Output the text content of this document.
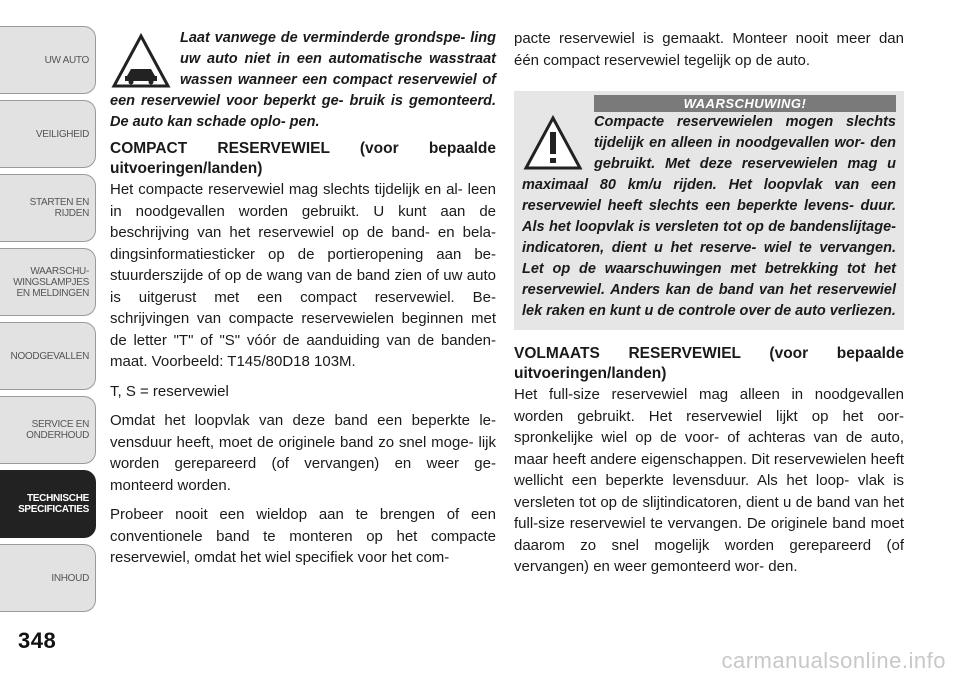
UW AUTO
VEILIGHEID
STARTEN EN RIJDEN
WAARSCHU-WINGSLAMPJES EN MELDINGEN
NOODGEVALLEN
SERVICE EN ONDERHOUD
TECHNISCHE SPECIFICATIES
INHOUD
348
Laat vanwege de verminderde grondspe- ling uw auto niet in een automatische wasstraat wassen wanneer een compact reservewiel of een reservewiel voor beperkt ge- bruik is gemonteerd. De auto kan schade oplo- pen.
COMPACT RESERVEWIEL (voor bepaalde uitvoeringen/landen)

Het compacte reservewiel mag slechts tijdelijk en al- leen in noodgevallen worden gebruikt. U kunt aan de beschrijving van het reservewiel op de band- en bela- dingsinformatiesticker op de portieropening aan be- stuurderszijde of op de wang van de band zien of uw auto is uitgerust met een compact reservewiel. Be- schrijvingen van compacte reservewielen beginnen met de letter "T" of "S" vóór de aanduiding van de banden- maat. Voorbeeld: T145/80D18 103M.

T, S = reservewiel

Omdat het loopvlak van deze band een beperkte le- vensduur heeft, moet de originele band zo snel moge- lijk worden gerepareerd (of vervangen) en weer ge- monteerd worden.

Probeer nooit een wieldop aan te brengen of een conventionele band te monteren op het compacte reservewiel, omdat het wiel specifiek voor het com-

pacte reservewiel is gemaakt. Monteer nooit meer dan één compact reservewiel tegelijk op de auto.

WAARSCHUWING!
Compacte reservewielen mogen slechts tijdelijk en alleen in noodgevallen wor- den gebruikt. Met deze reservewielen mag u maximaal 80 km/u rijden. Het loopvlak van een reservewiel heeft slechts een beperkte levens- duur. Als het loopvlak is versleten tot op de bandenslijtage-indicatoren, dient u het reserve- wiel te vervangen. Let op de waarschuwingen met betrekking tot het reservewiel. Anders kan de band van het reservewiel lek raken en kunt u de controle over de auto verliezen.
VOLMAATS RESERVEWIEL (voor bepaalde uitvoeringen/landen)

Het full-size reservewiel mag alleen in noodgevallen worden gebruikt. Het reservewiel lijkt op het oor- spronkelijke wiel op de voor- of achteras van de auto, maar heeft andere eigenschappen. Dit reservewielen heeft wellicht een beperkte levensduur. Als het loop- vlak is versleten tot op de slijtindicatoren, dient u de band van het full-size reservewiel te vervangen. De originele band moet daarom zo snel mogelijk worden gerepareerd (of vervangen) en weer gemonteerd wor- den.

carmanualsonline.info
